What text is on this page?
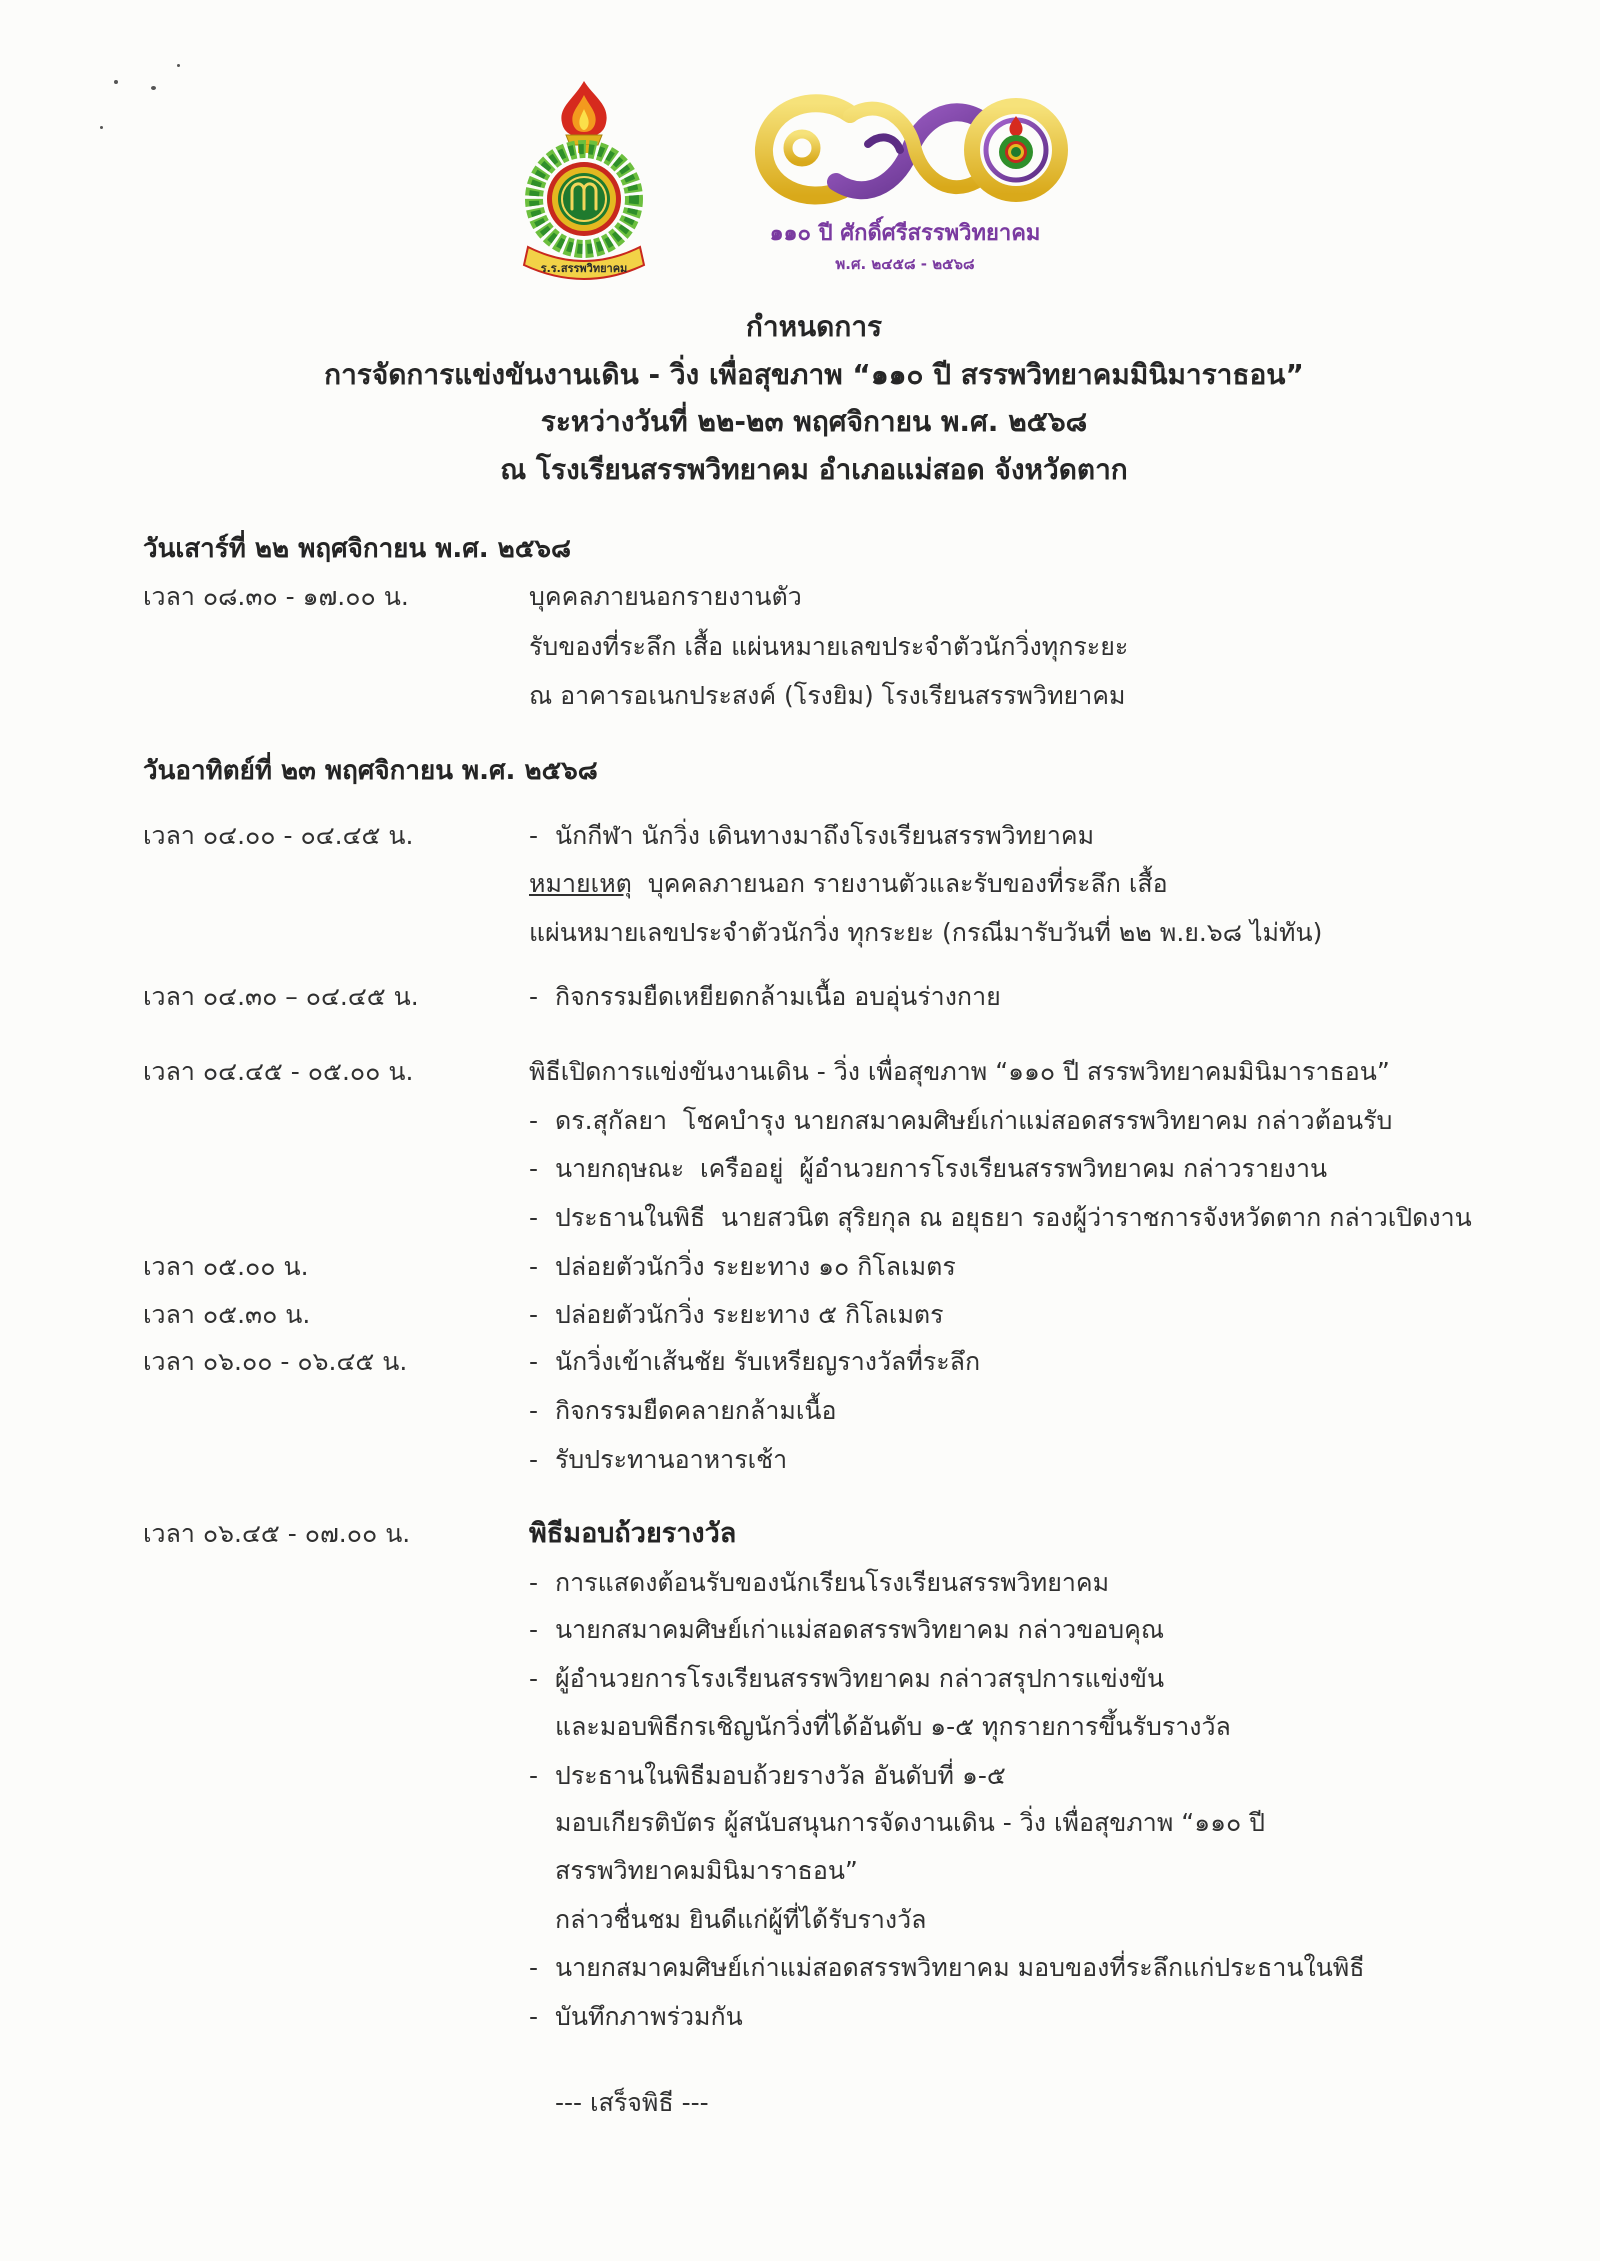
ร.ร.สรรพวิทยาคม
๑๑๐ ปี ศักดิ์ศรีสรรพวิทยาคม
พ.ศ. ๒๔๕๘ - ๒๕๖๘
กำหนดการ
การจัดการแข่งขันงานเดิน - วิ่ง เพื่อสุขภาพ “๑๑๐ ปี สรรพวิทยาคมมินิมาราธอน”
ระหว่างวันที่ ๒๒-๒๓ พฤศจิกายน พ.ศ. ๒๕๖๘
ณ โรงเรียนสรรพวิทยาคม อำเภอแม่สอด จังหวัดตาก
วันเสาร์ที่ ๒๒ พฤศจิกายน พ.ศ. ๒๕๖๘
เวลา ๐๘.๓๐ - ๑๗.๐๐ น.	บุคคลภายนอกรายงานตัว
รับของที่ระลึก เสื้อ แผ่นหมายเลขประจำตัวนักวิ่งทุกระยะ
ณ อาคารอเนกประสงค์ (โรงยิม) โรงเรียนสรรพวิทยาคม
วันอาทิตย์ที่ ๒๓ พฤศจิกายน พ.ศ. ๒๕๖๘
เวลา ๐๔.๐๐ - ๐๔.๔๕ น.	- นักกีฬา นักวิ่ง เดินทางมาถึงโรงเรียนสรรพวิทยาคม
หมายเหตุ บุคคลภายนอก รายงานตัวและรับของที่ระลึก เสื้อ
แผ่นหมายเลขประจำตัวนักวิ่ง ทุกระยะ (กรณีมารับวันที่ ๒๒ พ.ย.๖๘ ไม่ทัน)
เวลา ๐๔.๓๐ – ๐๔.๔๕ น.	- กิจกรรมยืดเหยียดกล้ามเนื้อ อบอุ่นร่างกาย
เวลา ๐๔.๔๕ - ๐๕.๐๐ น.	พิธีเปิดการแข่งขันงานเดิน - วิ่ง เพื่อสุขภาพ “๑๑๐ ปี สรรพวิทยาคมมินิมาราธอน”
- ดร.สุกัลยา  โชคบำรุง นายกสมาคมศิษย์เก่าแม่สอดสรรพวิทยาคม กล่าวต้อนรับ
- นายกฤษณะ  เครืออยู่  ผู้อำนวยการโรงเรียนสรรพวิทยาคม กล่าวรายงาน
- ประธานในพิธี  นายสวนิต สุริยกุล ณ อยุธยา รองผู้ว่าราชการจังหวัดตาก กล่าวเปิดงาน
เวลา ๐๕.๐๐ น.	- ปล่อยตัวนักวิ่ง ระยะทาง ๑๐ กิโลเมตร
เวลา ๐๕.๓๐ น.	- ปล่อยตัวนักวิ่ง ระยะทาง ๕ กิโลเมตร
เวลา ๐๖.๐๐ - ๐๖.๔๕ น.	- นักวิ่งเข้าเส้นชัย รับเหรียญรางวัลที่ระลึก
- กิจกรรมยืดคลายกล้ามเนื้อ
- รับประทานอาหารเช้า
เวลา ๐๖.๔๕ - ๐๗.๐๐ น.	พิธีมอบถ้วยรางวัล
- การแสดงต้อนรับของนักเรียนโรงเรียนสรรพวิทยาคม
- นายกสมาคมศิษย์เก่าแม่สอดสรรพวิทยาคม กล่าวขอบคุณ
- ผู้อำนวยการโรงเรียนสรรพวิทยาคม กล่าวสรุปการแข่งขัน
และมอบพิธีกรเชิญนักวิ่งที่ได้อันดับ ๑-๕ ทุกรายการขึ้นรับรางวัล
- ประธานในพิธีมอบถ้วยรางวัล อันดับที่ ๑-๕
มอบเกียรติบัตร ผู้สนับสนุนการจัดงานเดิน - วิ่ง เพื่อสุขภาพ “๑๑๐ ปี
สรรพวิทยาคมมินิมาราธอน”
กล่าวชื่นชม ยินดีแก่ผู้ที่ได้รับรางวัล
- นายกสมาคมศิษย์เก่าแม่สอดสรรพวิทยาคม มอบของที่ระลึกแก่ประธานในพิธี
- บันทึกภาพร่วมกัน
--- เสร็จพิธี ---
